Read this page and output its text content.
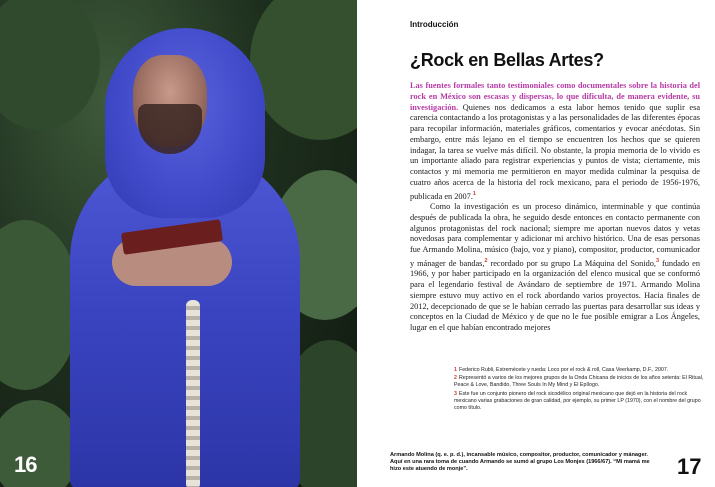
16
Introducción
¿Rock en Bellas Artes?

Las fuentes formales tanto testimoniales como documentales sobre la historia del rock en México son escasas y dispersas, lo que dificulta, de manera evidente, su investigación. Quienes nos dedicamos a esta labor hemos tenido que suplir esa carencia contactando a los protagonistas y a las personalidades de las diferentes épocas para recopilar información, materiales gráficos, comentarios y evocar anécdotas. Sin embargo, entre más lejano en el tiempo se encuentren los hechos que se quieren indagar, la tarea se vuelve más difícil. No obstante, la propia memoria de lo vivido es un importante aliado para registrar experiencias y puntos de vista; ciertamente, mis contactos y mi memoria me permitieron en mayor medida culminar la pesquisa de cuatro años acerca de la historia del rock mexicano, para el periodo de 1956-1976, publicada en 2007.$^1$

Como la investigación es un proceso dinámico, interminable y que continúa después de publicada la obra, he seguido desde entonces en contacto permanente con algunos protagonistas del rock nacional; siempre me aportan nuevos datos y vetas novedosas para complementar y adicionar mi archivo histórico. Una de esas personas fue Armando Molina, músico (bajo, voz y piano), compositor, productor, comunicador y mánager de bandas,$^2$ recordado por su grupo La Máquina del Sonido,$^3$ fundado en 1966, y por haber participado en la organización del elenco musical que se conformó para el legendario festival de Avándaro de septiembre de 1971. Armando Molina siempre estuvo muy activo en el rock abordando varios proyectos. Hacia finales de 2012, decepcionado de que se le habían cerrado las puertas para desarrollar sus ideas y conceptos en la Ciudad de México y de que no le fue posible emigrar a Los Ángeles, lugar en el que habían encontrado mejores

1 Federico Rubli, Estremécete y rueda: Loco por el rock & roll, Casa Veerkamp, D.F., 2007.
2 Representó a varios de los mejores grupos de la Onda Chicana de inicios de los años setenta: El Ritual, Peace & Love, Bandido, Three Souls In My Mind y El Epílogo.
3 Este fue un conjunto pionero del rock sicodélico original mexicano que dejó en la historia del rock mexicano varias grabaciones de gran calidad, por ejemplo, su primer LP (1970), con el nombre del grupo como título.
Armando Molina (q. e. p. d.), incansable músico, compositor, productor, comunicador y mánager. Aquí en una rara toma de cuando Armando se sumó al grupo Los Monjes (1966/67). “Mi mamá me hizo este atuendo de monje”.	17
